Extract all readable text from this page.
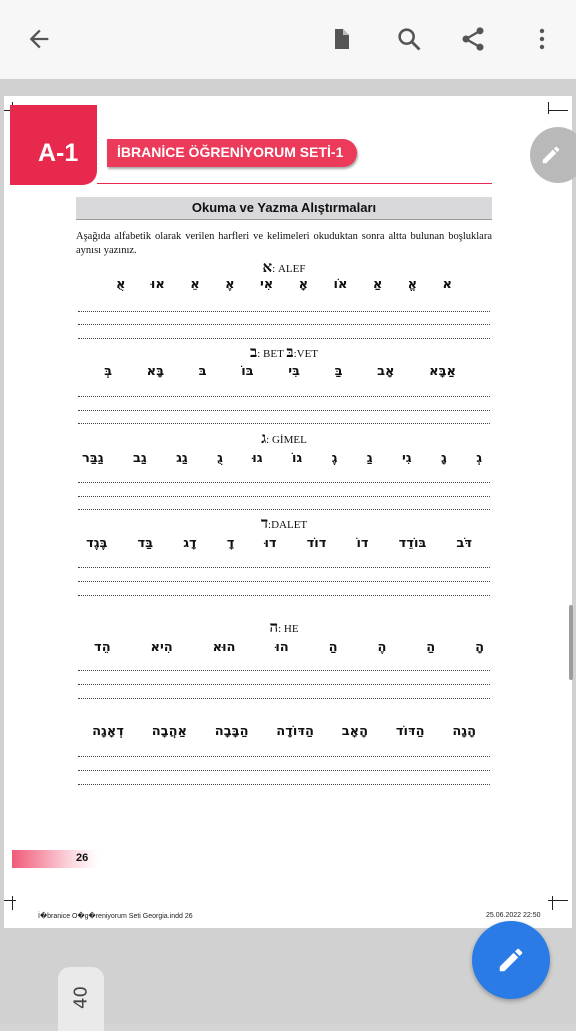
A-1	İBRANİCE ÖĞRENİYORUM SETİ-1
Okuma ve Yazma Alıştırmaları
Aşağıda alfabetik olarak verilen harfleri ve kelimeleri okuduktan sonra altta bulunan boşluklara aynısı yazınız.
א: ALEF
א
אֱ
אַ
אֹו
אָ
אִי
אֶ
אֵ
אוּ
אֻ
ב: BET בּ:VET
אַבָּא
אָב
בַּ
בִּי
בּוֹ
בּ
בָּא
בְּ
ג: GİMEL
גְ
גָ
גִי
גַ
גֶ
גוֹ
גוּ
גֻ
גַג
גַב
גַבַּר
ד:DALET
דֹּב
בּוֹדֵד
דוֹ
דוֹד
דוּ
דָ
דָג
בַּד
בֶּגֶד
ה: HE
הָ
הַ
הֶ
הַ
הוּ
הוּא
הִיא
הֵד
הָגָה
הַדּוֹד
הָאָב
הַדּוֹדָה
הַבָּבָה
אַהֲבָה
דְאָגָה
26
İ�branice O�g�reniyorum Seti Georgia.indd 26	25.06.2022 22:50
40
